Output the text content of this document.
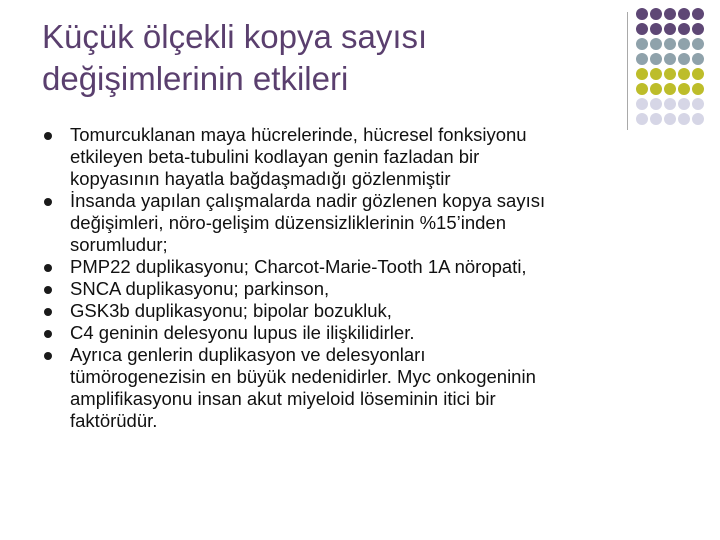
Küçük ölçekli kopya sayısı
değişimlerinin etkileri
Tomurcuklanan maya hücrelerinde, hücresel fonksiyonu
etkileyen beta-tubulini kodlayan genin fazladan bir
kopyasının hayatla bağdaşmadığı gözlenmiştir
İnsanda yapılan çalışmalarda nadir gözlenen kopya sayısı
değişimleri, nöro-gelişim düzensizliklerinin %15’inden
sorumludur;
PMP22 duplikasyonu; Charcot-Marie-Tooth 1A nöropati,
SNCA duplikasyonu; parkinson,
GSK3b duplikasyonu; bipolar bozukluk,
C4 geninin delesyonu lupus ile ilişkilidirler.
Ayrıca genlerin duplikasyon ve delesyonları
tümörogenezisin en büyük nedenidirler. Myc onkogeninin
amplifikasyonu insan akut miyeloid löseminin itici bir
faktörüdür.
